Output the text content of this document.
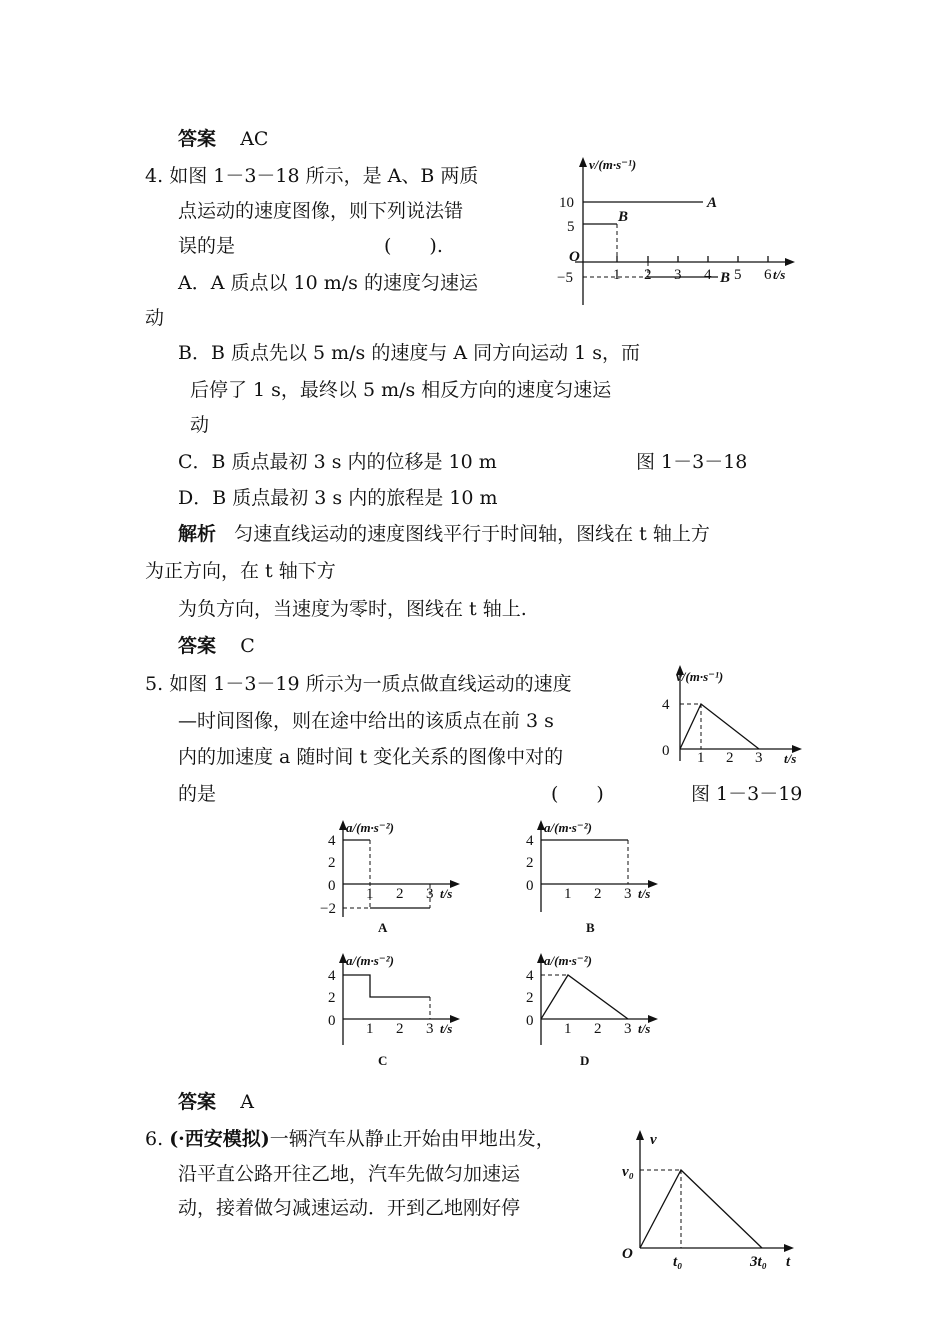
答案 AC
4. 如图 1－3－18 所示，是 A、B 两质
点运动的速度图像，则下列说法错
误的是	(　　).
A．A 质点以 10 m/s 的速度匀速运
动
B．B 质点先以 5 m/s 的速度与 A 同方向运动 1 s，而
后停了 1 s，最终以 5 m/s 相反方向的速度匀速运
动
C．B 质点最初 3 s 内的位移是 10 m	图 1－3－18
D．B 质点最初 3 s 内的旅程是 10 m
解析 匀速直线运动的速度图线平行于时间轴，图线在 t 轴上方
为正方向，在 t 轴下方
为负方向，当速度为零时，图线在 t 轴上.
答案 C
v/(m·s⁻¹)
t/s
O
10
5
−5	1 2 3 4 5 6
A
B
B
5. 如图 1－3－19 所示为一质点做直线运动的速度
—时间图像，则在途中给出的该质点在前 3 s
内的加速度 a 随时间 t 变化关系的图像中对的
的是	(　　)	图 1－3－19
v/(m·s⁻¹)
t/s
0
4
1 2 3
a/(m·s⁻²)
t/s
0
4
2
−2
1 2 3
A
a/(m·s⁻²)
t/s
0
4
2
1 2 3
B
a/(m·s⁻²)
t/s
0
4
2
1 2 3
C
a/(m·s⁻²)
t/s
0
4
2
1 2 3
D
答案 A
6. (·西安模拟)一辆汽车从静止开始由甲地出发，
沿平直公路开往乙地，汽车先做匀加速运
动，接着做匀减速运动．开到乙地刚好停
v
t
O
v₀
t₀	3t₀
